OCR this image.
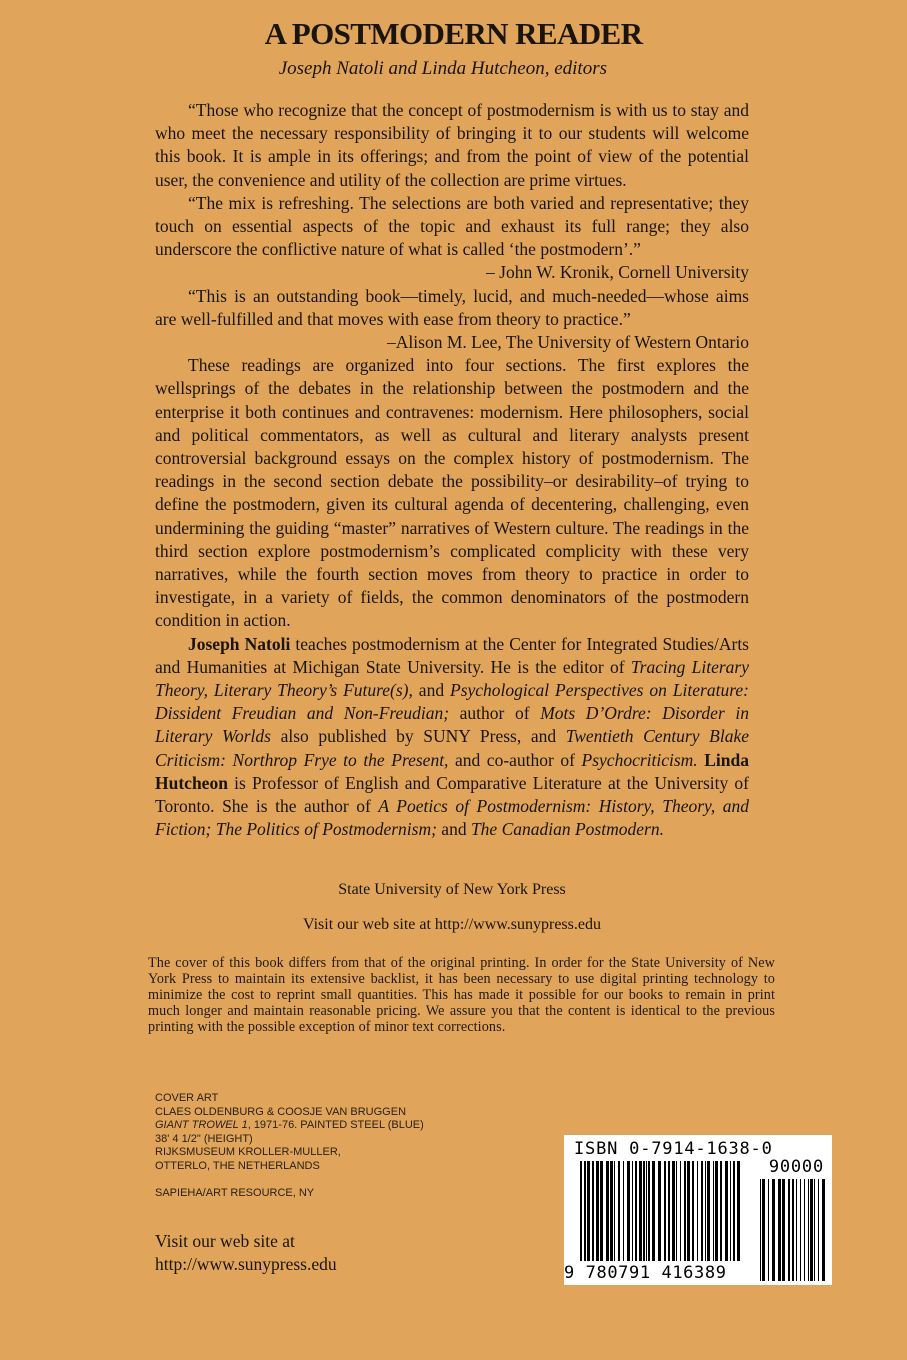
A POSTMODERN READER
Joseph Natoli and Linda Hutcheon, editors

“Those who recognize that the concept of postmodernism is with us to stay and who meet the necessary responsibility of bringing it to our students will welcome this book. It is ample in its offerings; and from the point of view of the potential user, the convenience and utility of the collection are prime virtues.

“The mix is refreshing. The selections are both varied and representative; they touch on essential aspects of the topic and exhaust its full range; they also underscore the conflictive nature of what is called ‘the postmodern’.”

– John W. Kronik, Cornell University

“This is an outstanding book—timely, lucid, and much-needed—whose aims are well-fulfilled and that moves with ease from theory to practice.”

–Alison M. Lee, The University of Western Ontario

These readings are organized into four sections. The first explores the wellsprings of the debates in the relationship between the postmodern and the enterprise it both continues and contravenes: modernism. Here philosophers, social and political commentators, as well as cultural and literary analysts present controversial background essays on the complex history of postmodernism. The readings in the second section debate the possibility–or desirability–of trying to define the postmodern, given its cultural agenda of decentering, challenging, even undermining the guiding “master” narratives of Western culture. The readings in the third section explore postmodernism’s complicated complicity with these very narratives, while the fourth section moves from theory to practice in order to investigate, in a variety of fields, the common denominators of the postmodern condition in action.

Joseph Natoli teaches postmodernism at the Center for Integrated Studies/Arts and Humanities at Michigan State University. He is the editor of Tracing Literary Theory, Literary Theory’s Future(s), and Psychological Perspectives on Literature: Dissident Freudian and Non-Freudian; author of Mots D’Ordre: Disorder in Literary Worlds also published by SUNY Press, and Twentieth Century Blake Criticism: Northrop Frye to the Present, and co-author of Psychocriticism. Linda Hutcheon is Professor of English and Comparative Literature at the University of Toronto. She is the author of A Poetics of Postmodernism: History, Theory, and Fiction; The Politics of Postmodernism; and The Canadian Postmodern.

State University of New York Press
Visit our web site at http://www.sunypress.edu
The cover of this book differs from that of the original printing. In order for the State University of New York Press to maintain its extensive backlist, it has been necessary to use digital printing technology to minimize the cost to reprint small quantities. This has made it possible for our books to remain in print much longer and maintain reasonable pricing. We assure you that the content is identical to the previous printing with the possible exception of minor text corrections.
COVER ART
CLAES OLDENBURG & COOSJE VAN BRUGGEN
GIANT TROWEL 1, 1971-76. PAINTED STEEL (BLUE)
38' 4 1/2" (HEIGHT)
RIJKSMUSEUM KROLLER-MULLER,
OTTERLO, THE NETHERLANDS
SAPIEHA/ART RESOURCE, NY
Visit our web site at
http://www.sunypress.edu
ISBN 0-7914-1638-0
90000
9 780791 416389
